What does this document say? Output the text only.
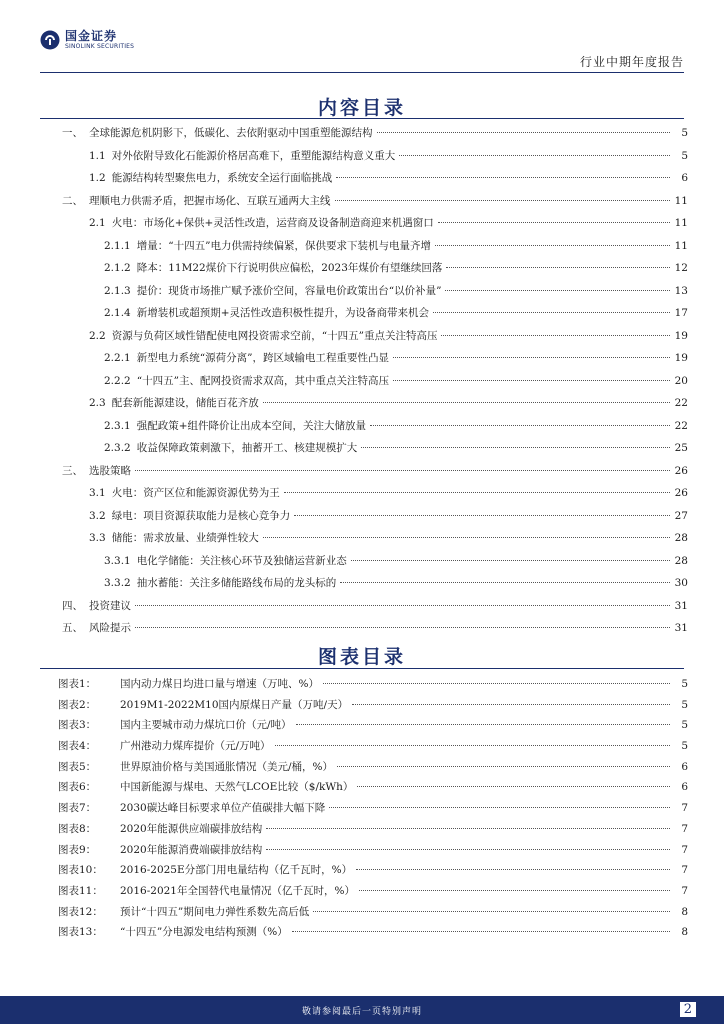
国金证券
SINOLINK SECURITIES
行业中期年度报告
内容目录
一、 全球能源危机阴影下，低碳化、去依附驱动中国重塑能源结构	5
1.1 对外依附导致化石能源价格居高难下，重塑能源结构意义重大	5
1.2 能源结构转型聚焦电力，系统安全运行面临挑战	6
二、 理顺电力供需矛盾，把握市场化、互联互通两大主线	11
2.1 火电：市场化+保供+灵活性改造，运营商及设备制造商迎来机遇窗口	11
2.1.1 增量：“十四五”电力供需持续偏紧，保供要求下装机与电量齐增	11
2.1.2 降本：11M22煤价下行说明供应偏松，2023年煤价有望继续回落	12
2.1.3 提价：现货市场推广赋予涨价空间，容量电价政策出台“以价补量”	13
2.1.4 新增装机或超预期+灵活性改造积极性提升，为设备商带来机会	17
2.2 资源与负荷区域性错配使电网投资需求空前，“十四五”重点关注特高压	19
2.2.1 新型电力系统“源荷分离”，跨区域输电工程重要性凸显	19
2.2.2 “十四五”主、配网投资需求双高，其中重点关注特高压	20
2.3 配套新能源建设，储能百花齐放	22
2.3.1 强配政策+组件降价让出成本空间，关注大储放量	22
2.3.2 收益保障政策刺激下，抽蓄开工、核建规模扩大	25
三、 选股策略	26
3.1 火电：资产区位和能源资源优势为王	26
3.2 绿电：项目资源获取能力是核心竞争力	27
3.3 储能：需求放量、业绩弹性较大	28
3.3.1 电化学储能：关注核心环节及独储运营新业态	28
3.3.2 抽水蓄能：关注多储能路线布局的龙头标的	30
四、 投资建议	31
五、 风险提示	31
图表目录
图表1：	国内动力煤日均进口量与增速（万吨、%）	5
图表2：	2019M1-2022M10国内原煤日产量（万吨/天）	5
图表3：	国内主要城市动力煤坑口价（元/吨）	5
图表4：	广州港动力煤库提价（元/万吨）	5
图表5：	世界原油价格与美国通胀情况（美元/桶，%）	6
图表6：	中国新能源与煤电、天然气LCOE比较（$/kWh）	6
图表7：	2030碳达峰目标要求单位产值碳排大幅下降	7
图表8：	2020年能源供应端碳排放结构	7
图表9：	2020年能源消费端碳排放结构	7
图表10：	2016-2025E分部门用电量结构（亿千瓦时，%）	7
图表11：	2016-2021年全国替代电量情况（亿千瓦时，%）	7
图表12：	预计“十四五”期间电力弹性系数先高后低	8
图表13：	“十四五”分电源发电结构预测（%）	8
敬请参阅最后一页特别声明	2
